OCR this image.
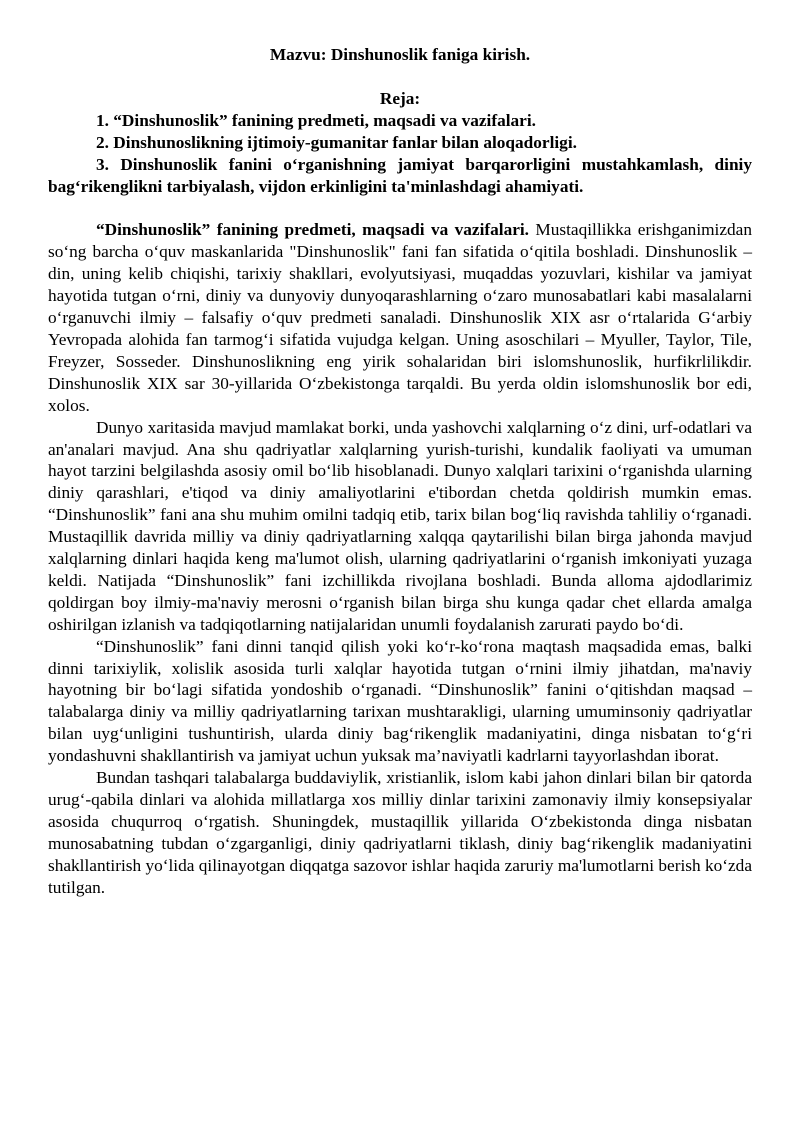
Mazvu: Dinshunoslik faniga kirish.

Reja:

1. “Dinshunoslik” fanining predmeti, maqsadi va vazifalari.

2. Dinshunoslikning ijtimoiy-gumanitar fanlar bilan aloqadorligi.

3. Dinshunoslik fanini o‘rganishning jamiyat barqarorligini mustahkamlash, diniy bag‘rikenglikni tarbiyalash, vijdon erkinligini ta'minlashdagi ahamiyati.

“Dinshunoslik” fanining predmeti, maqsadi va vazifalari. Mustaqillikka erishganimizdan so‘ng barcha o‘quv maskanlarida "Dinshunoslik" fani fan sifatida o‘qitila boshladi. Dinshunoslik – din, uning kelib chiqishi, tarixiy shakllari, evolyutsiyasi, muqaddas yozuvlari, kishilar va jamiyat hayotida tutgan o‘rni, diniy va dunyoviy dunyoqarashlarning o‘zaro munosabatlari kabi masalalarni o‘rganuvchi ilmiy – falsafiy o‘quv predmeti sanaladi. Dinshunoslik XIX asr o‘rtalarida G‘arbiy Yevropada alohida fan tarmog‘i sifatida vujudga kelgan. Uning asoschilari – Myuller, Taylor, Tile, Freyzer, Sosseder. Dinshunoslikning eng yirik sohalaridan biri islomshunoslik, hurfikrlilikdir. Dinshunoslik XIX sar 30-yillarida O‘zbekistonga tarqaldi. Bu yerda oldin islomshunoslik bor edi, xolos.

Dunyo xaritasida mavjud mamlakat borki, unda yashovchi xalqlarning o‘z dini, urf-odatlari va an'analari mavjud. Ana shu qadriyatlar xalqlarning yurish-turishi, kundalik faoliyati va umuman hayot tarzini belgilashda asosiy omil bo‘lib hisoblanadi. Dunyo xalqlari tarixini o‘rganishda ularning diniy qarashlari, e'tiqod va diniy amaliyotlarini e'tibordan chetda qoldirish mumkin emas. “Dinshunoslik” fani ana shu muhim omilni tadqiq etib, tarix bilan bog‘liq ravishda tahliliy o‘rganadi. Mustaqillik davrida milliy va diniy qadriyatlarning xalqqa qaytarilishi bilan birga jahonda mavjud xalqlarning dinlari haqida keng ma'lumot olish, ularning qadriyatlarini o‘rganish imkoniyati yuzaga keldi. Natijada “Dinshunoslik” fani izchillikda rivojlana boshladi. Bunda alloma ajdodlarimiz qoldirgan boy ilmiy-ma'naviy merosni o‘rganish bilan birga shu kunga qadar chet ellarda amalga oshirilgan izlanish va tadqiqotlarning natijalaridan unumli foydalanish zarurati paydo bo‘di.

“Dinshunoslik” fani dinni tanqid qilish yoki ko‘r-ko‘rona maqtash maqsadida emas, balki dinni tarixiylik, xolislik asosida turli xalqlar hayotida tutgan o‘rnini ilmiy jihatdan, ma'naviy hayotning bir bo‘lagi sifatida yondoshib o‘rganadi. “Dinshunoslik” fanini o‘qitishdan maqsad – talabalarga diniy va milliy qadriyatlarning tarixan mushtarakligi, ularning umuminsoniy qadriyatlar bilan uyg‘unligini tushuntirish, ularda diniy bag‘rikenglik madaniyatini, dinga nisbatan to‘g‘ri yondashuvni shakllantirish va jamiyat uchun yuksak ma’naviyatli kadrlarni tayyorlashdan iborat.

Bundan tashqari talabalarga buddaviylik, xristianlik, islom kabi jahon dinlari bilan bir qatorda urug‘-qabila dinlari va alohida millatlarga xos milliy dinlar tarixini zamonaviy ilmiy konsepsiyalar asosida chuqurroq o‘rgatish. Shuningdek, mustaqillik yillarida O‘zbekistonda dinga nisbatan munosabatning tubdan o‘zgarganligi, diniy qadriyatlarni tiklash, diniy bag‘rikenglik madaniyatini shakllantirish yo‘lida qilinayotgan diqqatga sazovor ishlar haqida zaruriy ma'lumotlarni berish ko‘zda tutilgan.
